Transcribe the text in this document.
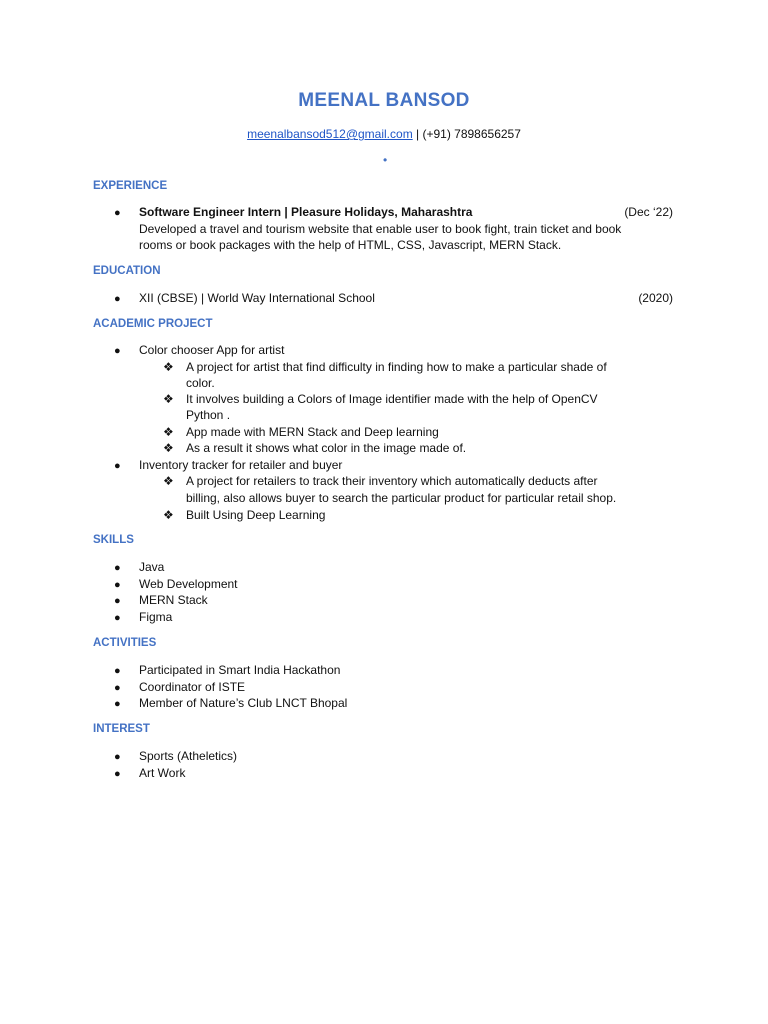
MEENAL BANSOD
meenalbansod512@gmail.com | (+91) 7898656257
•
EXPERIENCE
● Software Engineer Intern | Pleasure Holidays, Maharashtra	(Dec ‘22)
Developed a travel and tourism website that enable user to book fight, train ticket and book
rooms or book packages with the help of HTML, CSS, Javascript, MERN Stack.
EDUCATION
● XII (CBSE) | World Way International School	(2020)
ACADEMIC PROJECT
● Color chooser App for artist
❖ A project for artist that find difficulty in finding how to make a particular shade of
color.
❖ It involves building a Colors of Image identifier made with the help of OpenCV
Python .
❖ App made with MERN Stack and Deep learning
❖ As a result it shows what color in the image made of.
● Inventory tracker for retailer and buyer
❖ A project for retailers to track their inventory which automatically deducts after
billing, also allows buyer to search the particular product for particular retail shop.
❖ Built Using Deep Learning
SKILLS
● Java
● Web Development
● MERN Stack
● Figma
ACTIVITIES
● Participated in Smart India Hackathon
● Coordinator of ISTE
● Member of Nature’s Club LNCT Bhopal
INTEREST
● Sports (Atheletics)
● Art Work
